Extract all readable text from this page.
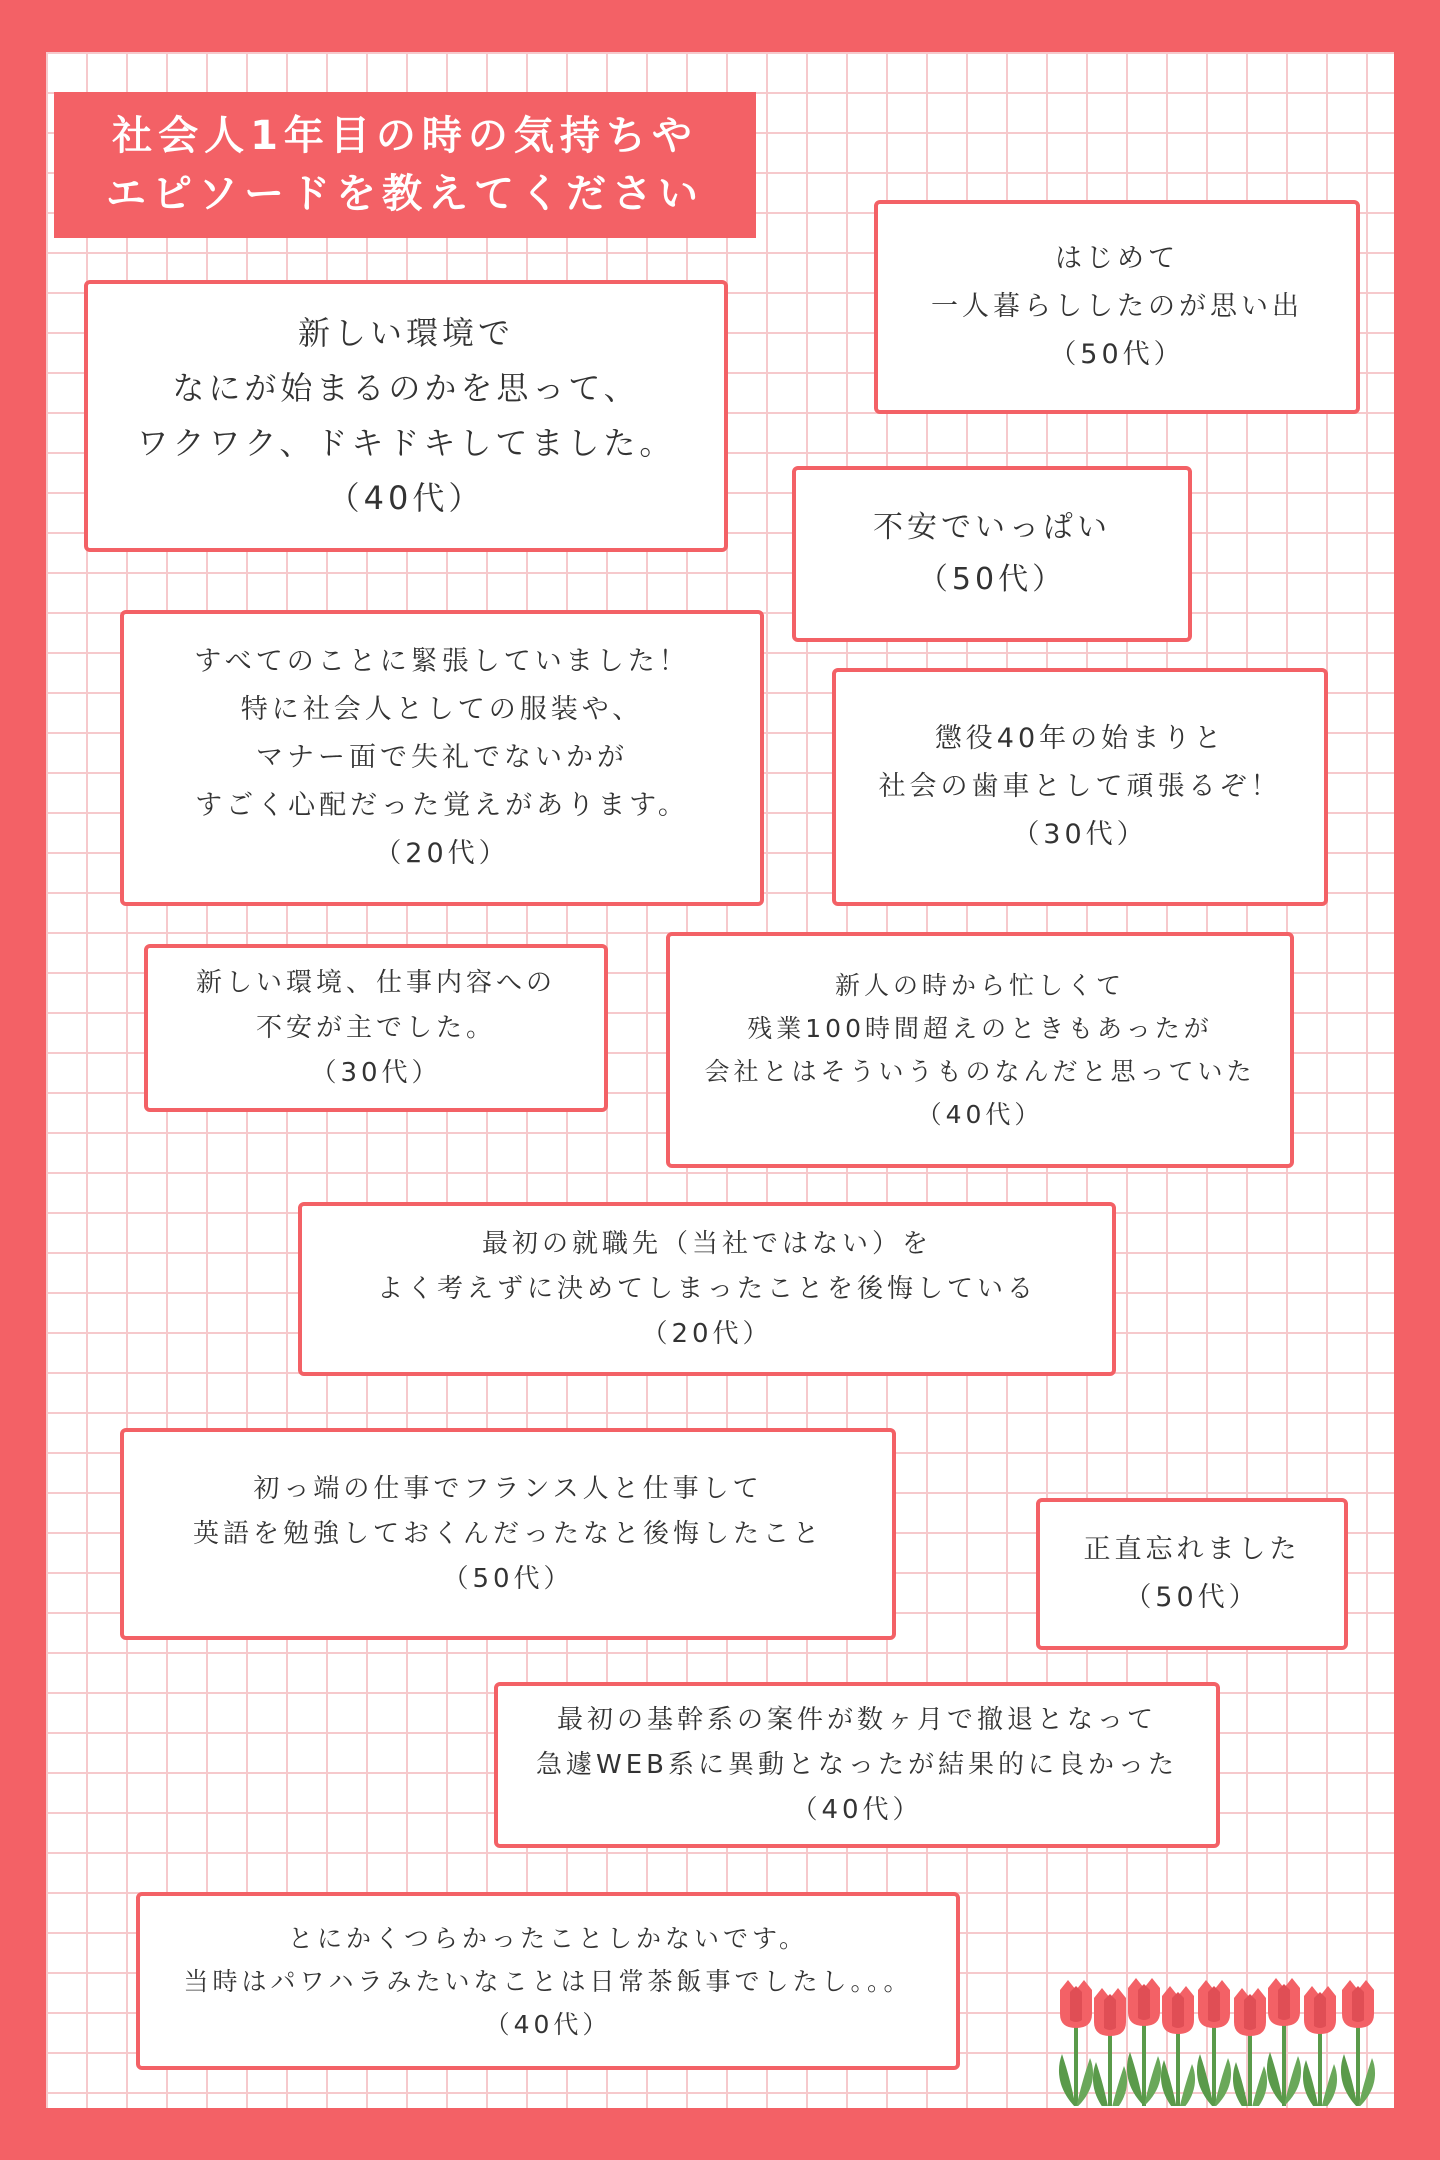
社会人1年目の時の気持ちや
エピソードを教えてください
新しい環境で
なにが始まるのかを思って、
ワクワク、ドキドキしてました。
（40代）
はじめて
一人暮らししたのが思い出
（50代）
不安でいっぱい
（50代）
すべてのことに緊張していました！
特に社会人としての服装や、
マナー面で失礼でないかが
すごく心配だった覚えがあります。
（20代）
懲役40年の始まりと
社会の歯車として頑張るぞ！
（30代）
新しい環境、仕事内容への
不安が主でした。
（30代）
新人の時から忙しくて
残業100時間超えのときもあったが
会社とはそういうものなんだと思っていた
（40代）
最初の就職先（当社ではない）を
よく考えずに決めてしまったことを後悔している
（20代）
初っ端の仕事でフランス人と仕事して
英語を勉強しておくんだったなと後悔したこと
（50代）
正直忘れました
（50代）
最初の基幹系の案件が数ヶ月で撤退となって
急遽WEB系に異動となったが結果的に良かった
（40代）
とにかくつらかったことしかないです。
当時はパワハラみたいなことは日常茶飯事でしたし。。。
（40代）
